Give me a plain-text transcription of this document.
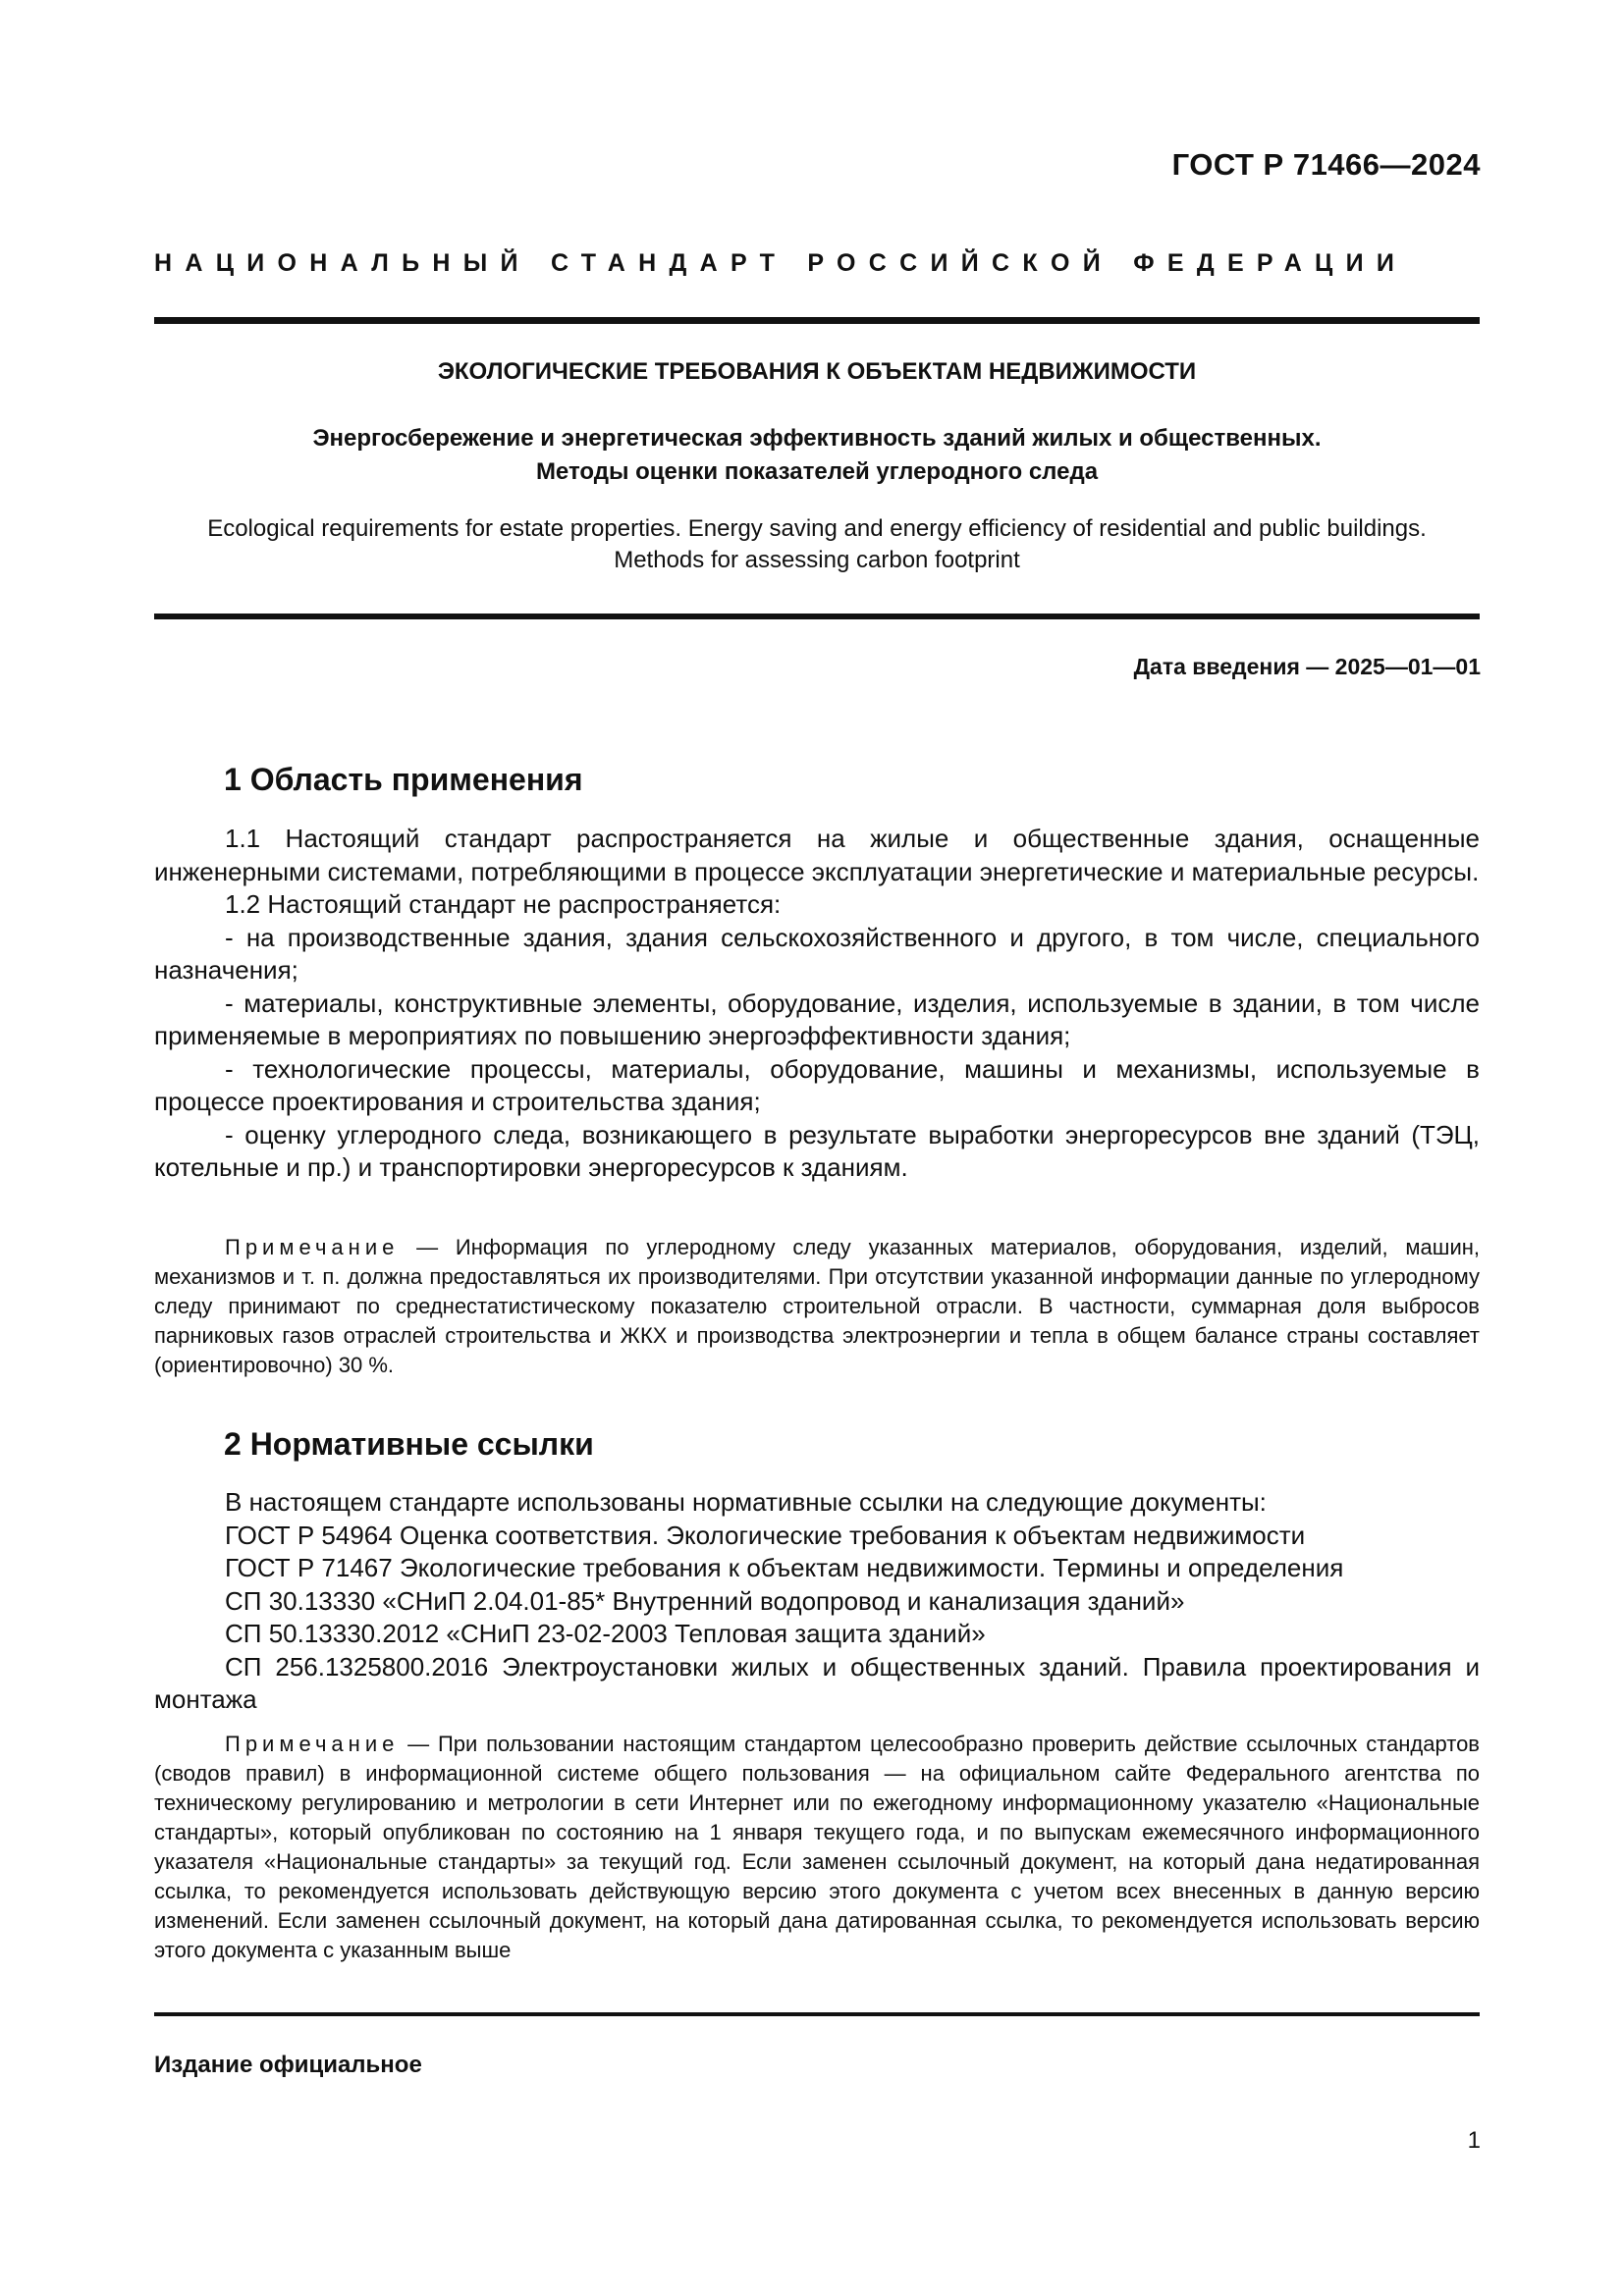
ГОСТ Р 71466—2024
НАЦИОНАЛЬНЫЙ СТАНДАРТ РОССИЙСКОЙ ФЕДЕРАЦИИ
ЭКОЛОГИЧЕСКИЕ ТРЕБОВАНИЯ К ОБЪЕКТАМ НЕДВИЖИМОСТИ
Энергосбережение и энергетическая эффективность зданий жилых и общественных.
Методы оценки показателей углеродного следа
Ecological requirements for estate properties. Energy saving and energy efficiency of residential and public buildings.
Methods for assessing carbon footprint
Дата введения — 2025—01—01
1 Область применения

1.1 Настоящий стандарт распространяется на жилые и общественные здания, оснащенные инженерными системами, потребляющими в процессе эксплуатации энергетические и материальные ресурсы.

1.2 Настоящий стандарт не распространяется:

- на производственные здания, здания сельскохозяйственного и другого, в том числе, специального назначения;

- материалы, конструктивные элементы, оборудование, изделия, используемые в здании, в том числе применяемые в мероприятиях по повышению энергоэффективности здания;

- технологические процессы, материалы, оборудование, машины и механизмы, используемые в процессе проектирования и строительства здания;

- оценку углеродного следа, возникающего в результате выработки энергоресурсов вне зданий (ТЭЦ, котельные и пр.) и транспортировки энергоресурсов к зданиям.

Примечание — Информация по углеродному следу указанных материалов, оборудования, изделий, машин, механизмов и т. п. должна предоставляться их производителями. При отсутствии указанной информации данные по углеродному следу принимают по среднестатистическому показателю строительной отрасли. В частности, суммарная доля выбросов парниковых газов отраслей строительства и ЖКХ и производства электроэнергии и тепла в общем балансе страны составляет (ориентировочно) 30 %.

2 Нормативные ссылки

В настоящем стандарте использованы нормативные ссылки на следующие документы:

ГОСТ Р 54964 Оценка соответствия. Экологические требования к объектам недвижимости

ГОСТ Р 71467 Экологические требования к объектам недвижимости. Термины и определения

СП 30.13330 «СНиП 2.04.01-85* Внутренний водопровод и канализация зданий»

СП 50.13330.2012 «СНиП 23-02-2003 Тепловая защита зданий»

СП 256.1325800.2016 Электроустановки жилых и общественных зданий. Правила проектирования и монтажа

Примечание — При пользовании настоящим стандартом целесообразно проверить действие ссылочных стандартов (сводов правил) в информационной системе общего пользования — на официальном сайте Федерального агентства по техническому регулированию и метрологии в сети Интернет или по ежегодному информационному указателю «Национальные стандарты», который опубликован по состоянию на 1 января текущего года, и по выпускам ежемесячного информационного указателя «Национальные стандарты» за текущий год. Если заменен ссылочный документ, на который дана недатированная ссылка, то рекомендуется использовать действующую версию этого документа с учетом всех внесенных в данную версию изменений. Если заменен ссылочный документ, на который дана датированная ссылка, то рекомендуется использовать версию этого документа с указанным выше

Издание официальное
1
